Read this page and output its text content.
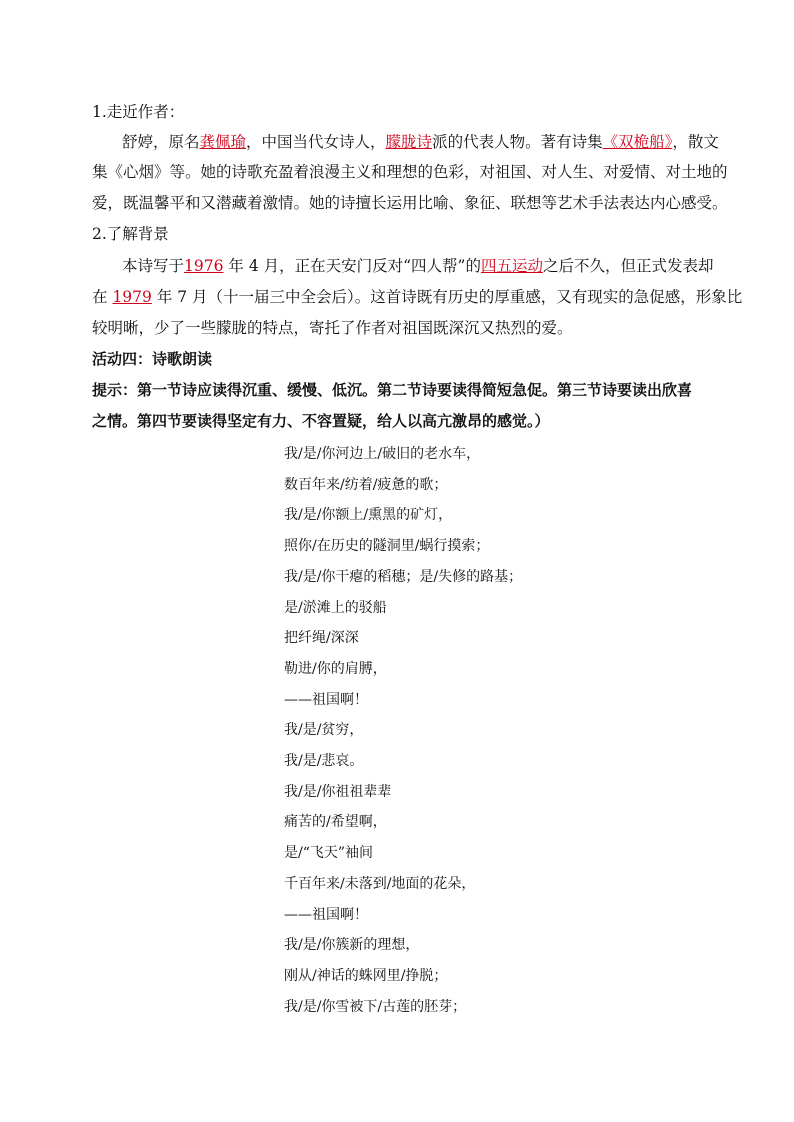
1.走近作者：
舒婷，原名龚佩瑜，中国当代女诗人，朦胧诗派的代表人物。著有诗集《双桅船》，散文
集《心烟》等。她的诗歌充盈着浪漫主义和理想的色彩，对祖国、对人生、对爱情、对土地的
爱，既温馨平和又潜藏着激情。她的诗擅长运用比喻、象征、联想等艺术手法表达内心感受。
2.了解背景
本诗写于1976 年 4 月，正在天安门反对“四人帮”的四五运动之后不久，但正式发表却
在 1979 年 7 月（十一届三中全会后）。这首诗既有历史的厚重感，又有现实的急促感，形象比
较明晰，少了一些朦胧的特点，寄托了作者对祖国既深沉又热烈的爱。
活动四：诗歌朗读
提示：第一节诗应读得沉重、缓慢、低沉。第二节诗要读得简短急促。第三节诗要读出欣喜
之情。第四节要读得坚定有力、不容置疑，给人以高亢激昂的感觉。）
我/是/你河边上/破旧的老水车，
数百年来/纺着/疲惫的歌；
我/是/你额上/熏黑的矿灯，
照你/在历史的隧洞里/蜗行摸索；
我/是/你干瘪的稻穗；是/失修的路基；
是/淤滩上的驳船
把纤绳/深深
勒进/你的肩膊，
——祖国啊！
我/是/贫穷，
我/是/悲哀。
我/是/你祖祖辈辈
痛苦的/希望啊，
是/“飞天”袖间
千百年来/未落到/地面的花朵，
——祖国啊！
我/是/你簇新的理想，
刚从/神话的蛛网里/挣脱；
我/是/你雪被下/古莲的胚芽；
